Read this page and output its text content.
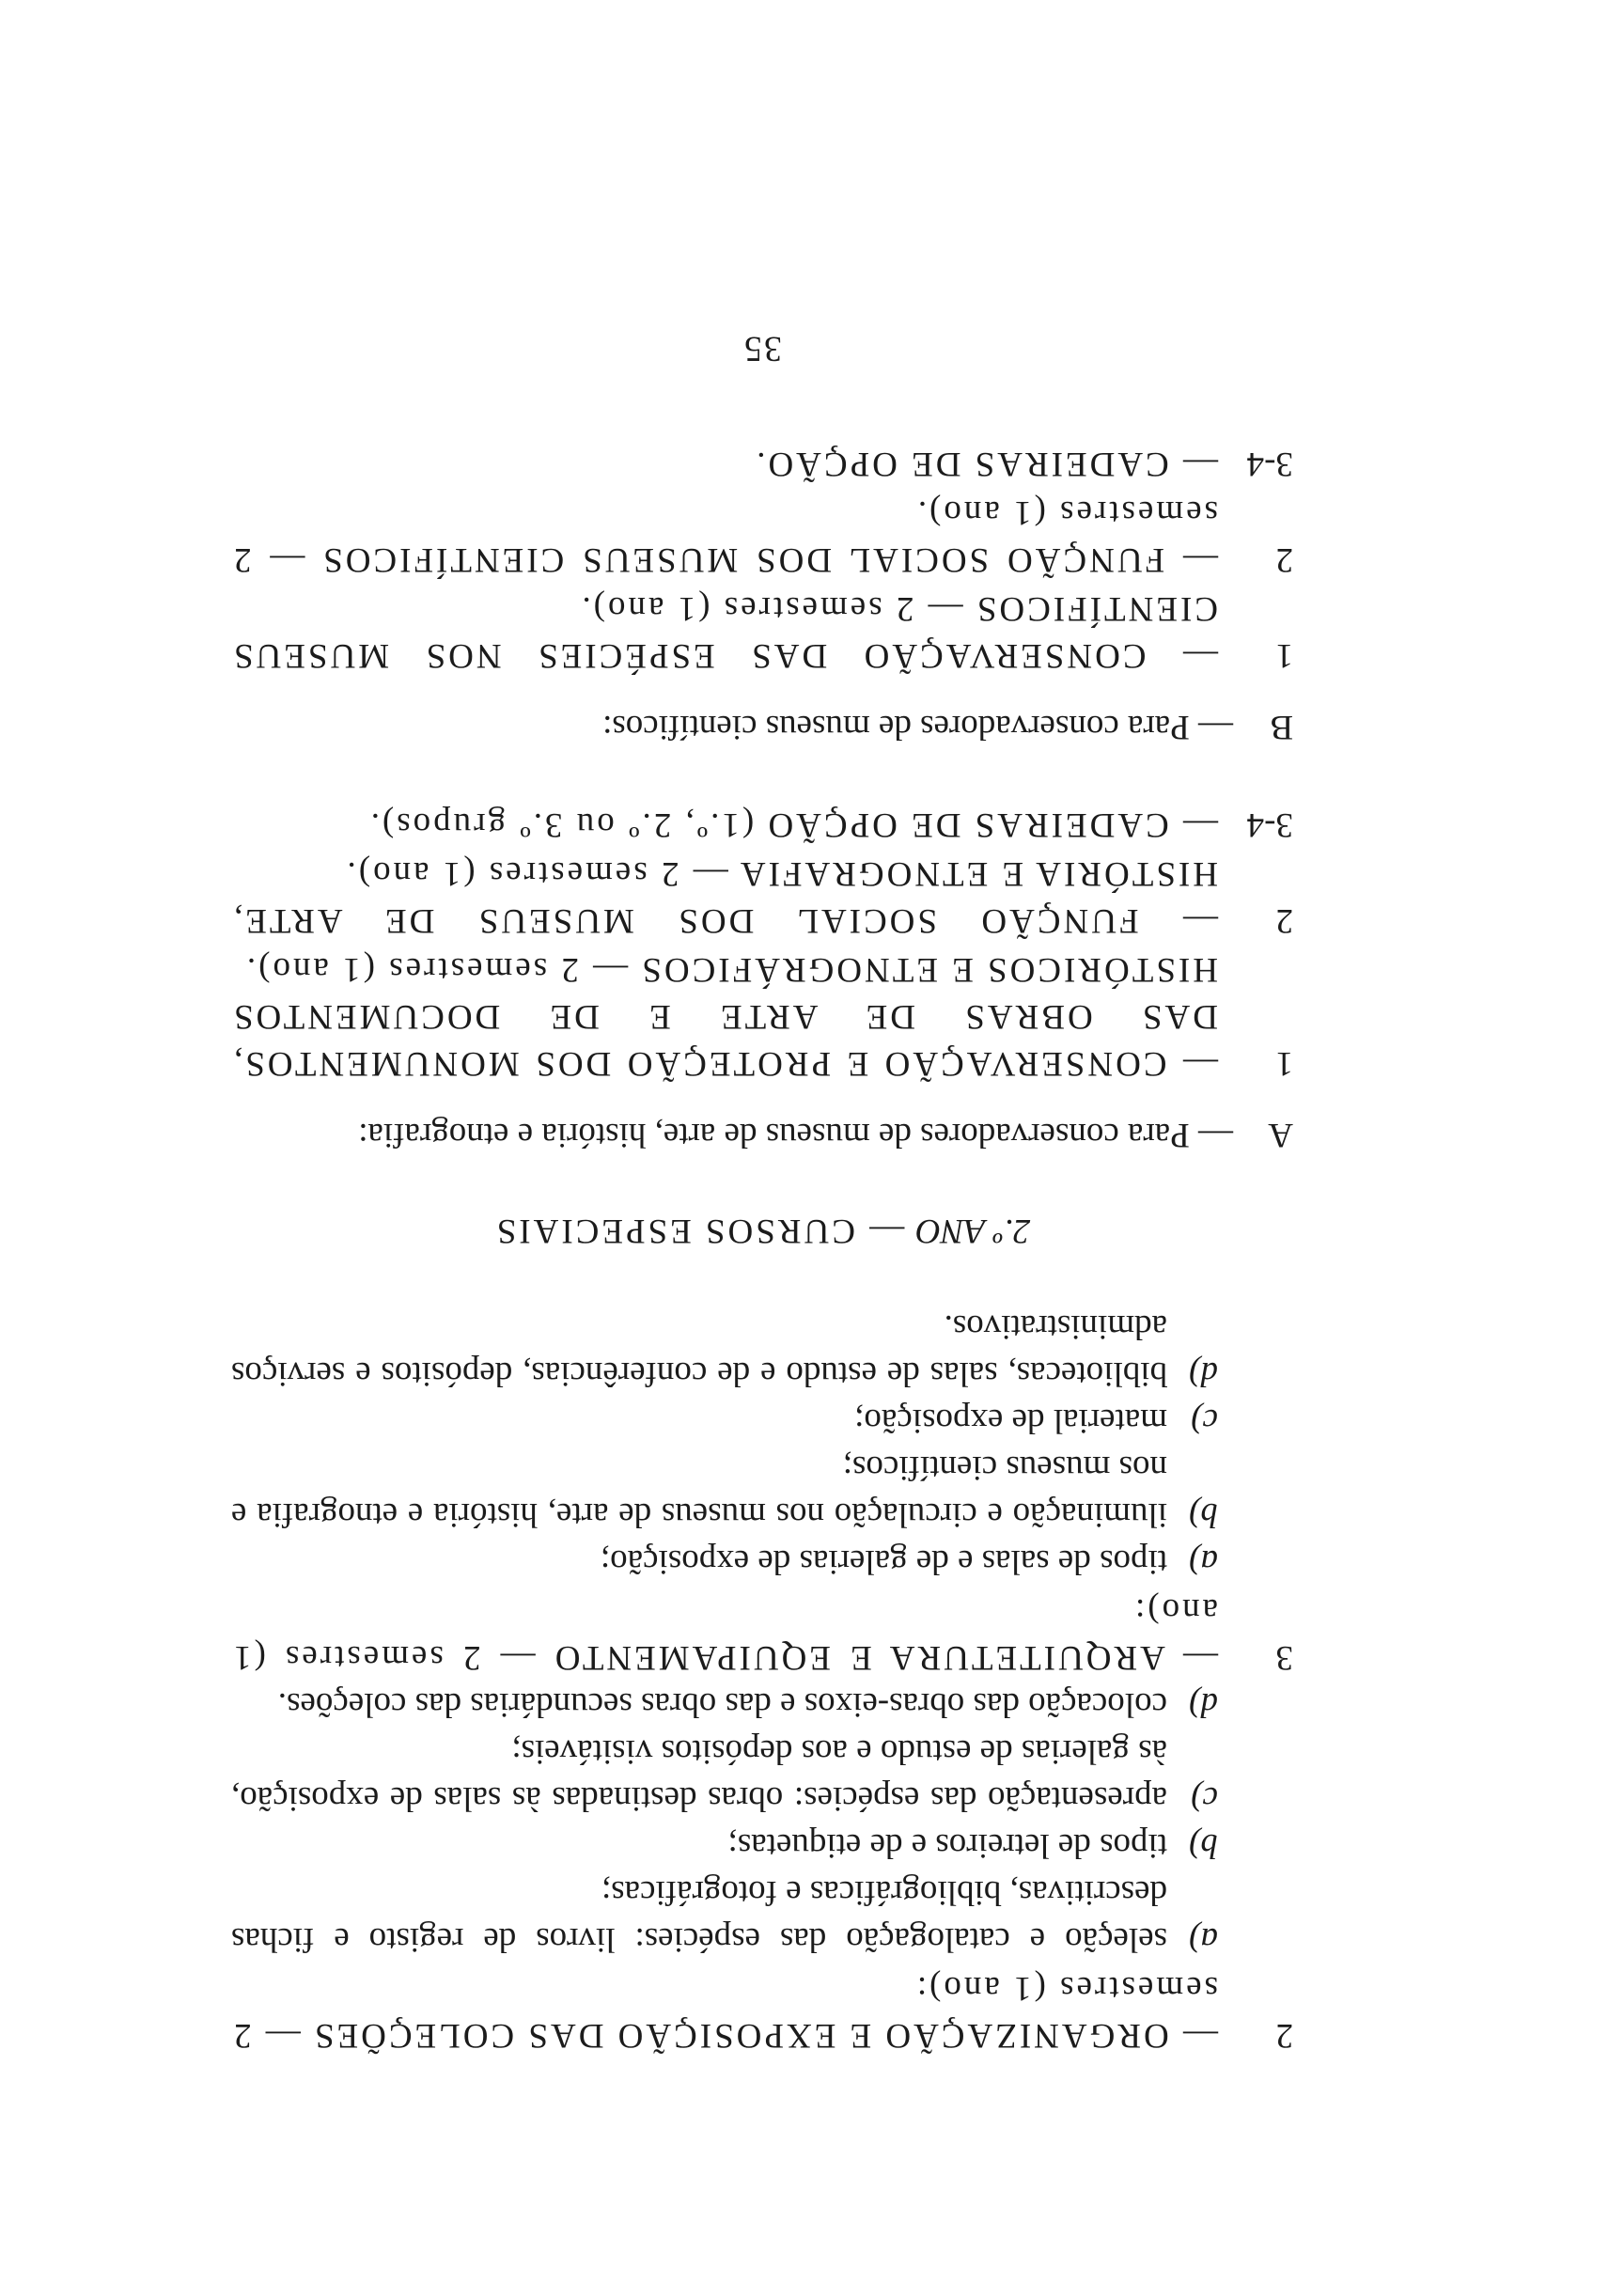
2
— ORGANIZAÇÃO E EXPOSIÇÃO DAS COLEÇÕES — 2 semestres (1 ano):
a)
seleção e catalogação das espécies: livros de registo e fichas descritivas, bibliográficas e fotográficas;
b)
tipos de letreiros e de etiquetas;
c)
apresentação das espécies: obras destinadas às salas de exposição, às galerias de estudo e aos depósitos visitáveis;
d)
colocação das obras-eixos e das obras secundárias das coleções.
3
— ARQUITETURA E EQUIPAMENTO — 2 semestres (1 ano):
a)
tipos de salas e de galerias de exposição;
b)
iluminação e circulação nos museus de arte, história e etnografia e nos museus científicos;
c)
material de exposição;
d)
bibliotecas, salas de estudo e de conferências, depósitos e serviços administrativos.
2.º ANO — CURSOS ESPECIAIS
A
— Para conservadores de museus de arte, história e etnografia:
1
— CONSERVAÇÃO E PROTEÇÃO DOS MONUMENTOS, DAS OBRAS DE ARTE E DE DOCUMENTOS HISTÓRICOS E ETNOGRÁFICOS — 2 semestres (1 ano).
2
— FUNÇÃO SOCIAL DOS MUSEUS DE ARTE, HISTÓRIA E ETNOGRAFIA — 2 semestres (1 ano).
3-4
— CADEIRAS DE OPÇÃO (1.º, 2.º ou 3.º grupos).
B
— Para conservadores de museus científicos:
1
— CONSERVAÇÃO DAS ESPÉCIES NOS MUSEUS CIENTÍFICOS — 2 semestres (1 ano).
2
— FUNÇÃO SOCIAL DOS MUSEUS CIENTÍFICOS — 2 semestres (1 ano).
3-4
— CADEIRAS DE OPÇÃO.
35
